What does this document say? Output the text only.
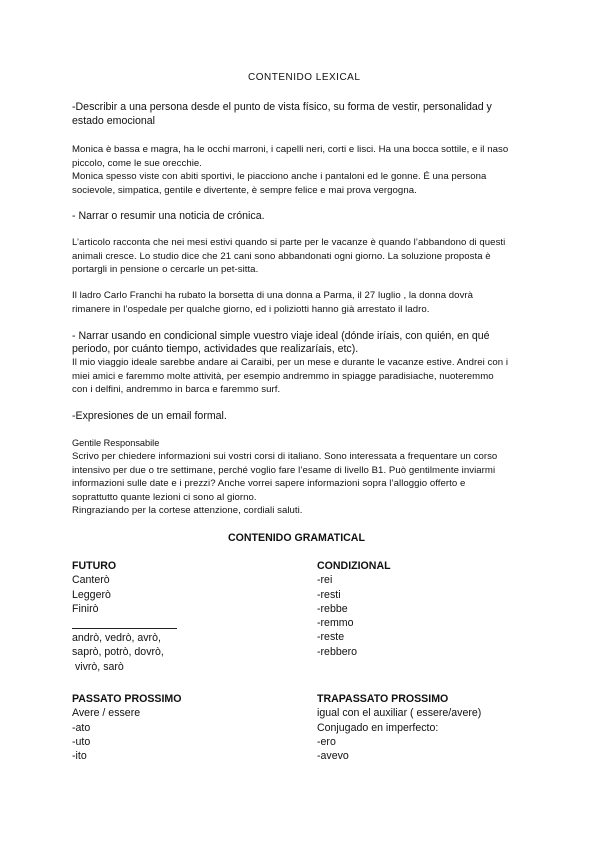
CONTENIDO LEXICAL
-Describir a una persona desde el punto de vista físico, su forma de vestir, personalidad y
estado emocional
Monica è bassa e magra, ha le occhi marroni, i capelli neri, corti e lisci. Ha una bocca sottile, e il naso
piccolo, come le sue orecchie.
Monica spesso viste con abiti sportivi, le piacciono anche i pantaloni ed le gonne. É una persona
socievole, simpatica, gentile e divertente, è sempre felice e mai prova vergogna.
- Narrar o resumir una noticia de crónica.
L’articolo racconta che nei mesi estivi quando si parte per le vacanze è quando l’abbandono di questi
animali cresce. Lo studio dice che 21 cani sono abbandonati ogni giorno. La soluzione proposta è
portargli in pensione o cercarle un pet-sitta.
Il ladro Carlo Franchi ha rubato la borsetta di una donna a Parma, il 27 luglio , la donna dovrà
rimanere in l’ospedale per qualche giorno, ed i poliziotti hanno già arrestato il ladro.
- Narrar usando en condicional simple vuestro viaje ideal (dónde iríais, con quién, en qué
periodo, por cuánto tiempo, actividades que realizaríais, etc).
Il mio viaggio ideale sarebbe andare ai Caraibi, per un mese e durante le vacanze estive. Andrei con i
miei amici e faremmo molte attività, per esempio andremmo in spiagge paradisiache, nuoteremmo
con i delfini, andremmo in barca e faremmo surf.
-Expresiones de un email formal.
Gentile Responsabile
Scrivo per chiedere informazioni sui vostri corsi di italiano. Sono interessata a frequentare un corso
intensivo per due o tre settimane, perché voglio fare l’esame di livello B1. Può gentilmente inviarmi
informazioni sulle date e i prezzi? Anche vorrei sapere informazioni sopra l’alloggio offerto e
soprattutto quante lezioni ci sono al giorno.
Ringraziando per la cortese attenzione, cordiali saluti.
CONTENIDO GRAMATICAL
FUTURO
Canterò
Leggerò
Finirò
andrò, vedrò, avrò,
saprò, potrò, dovrò,
vivrò, sarò
CONDIZIONAL
-rei
-resti
-rebbe
-remmo
-reste
-rebbero
PASSATO PROSSIMO
Avere / essere
-ato
-uto
-ito
TRAPASSATO PROSSIMO
igual con el auxiliar ( essere/avere)
Conjugado en imperfecto:
-ero
-avevo
